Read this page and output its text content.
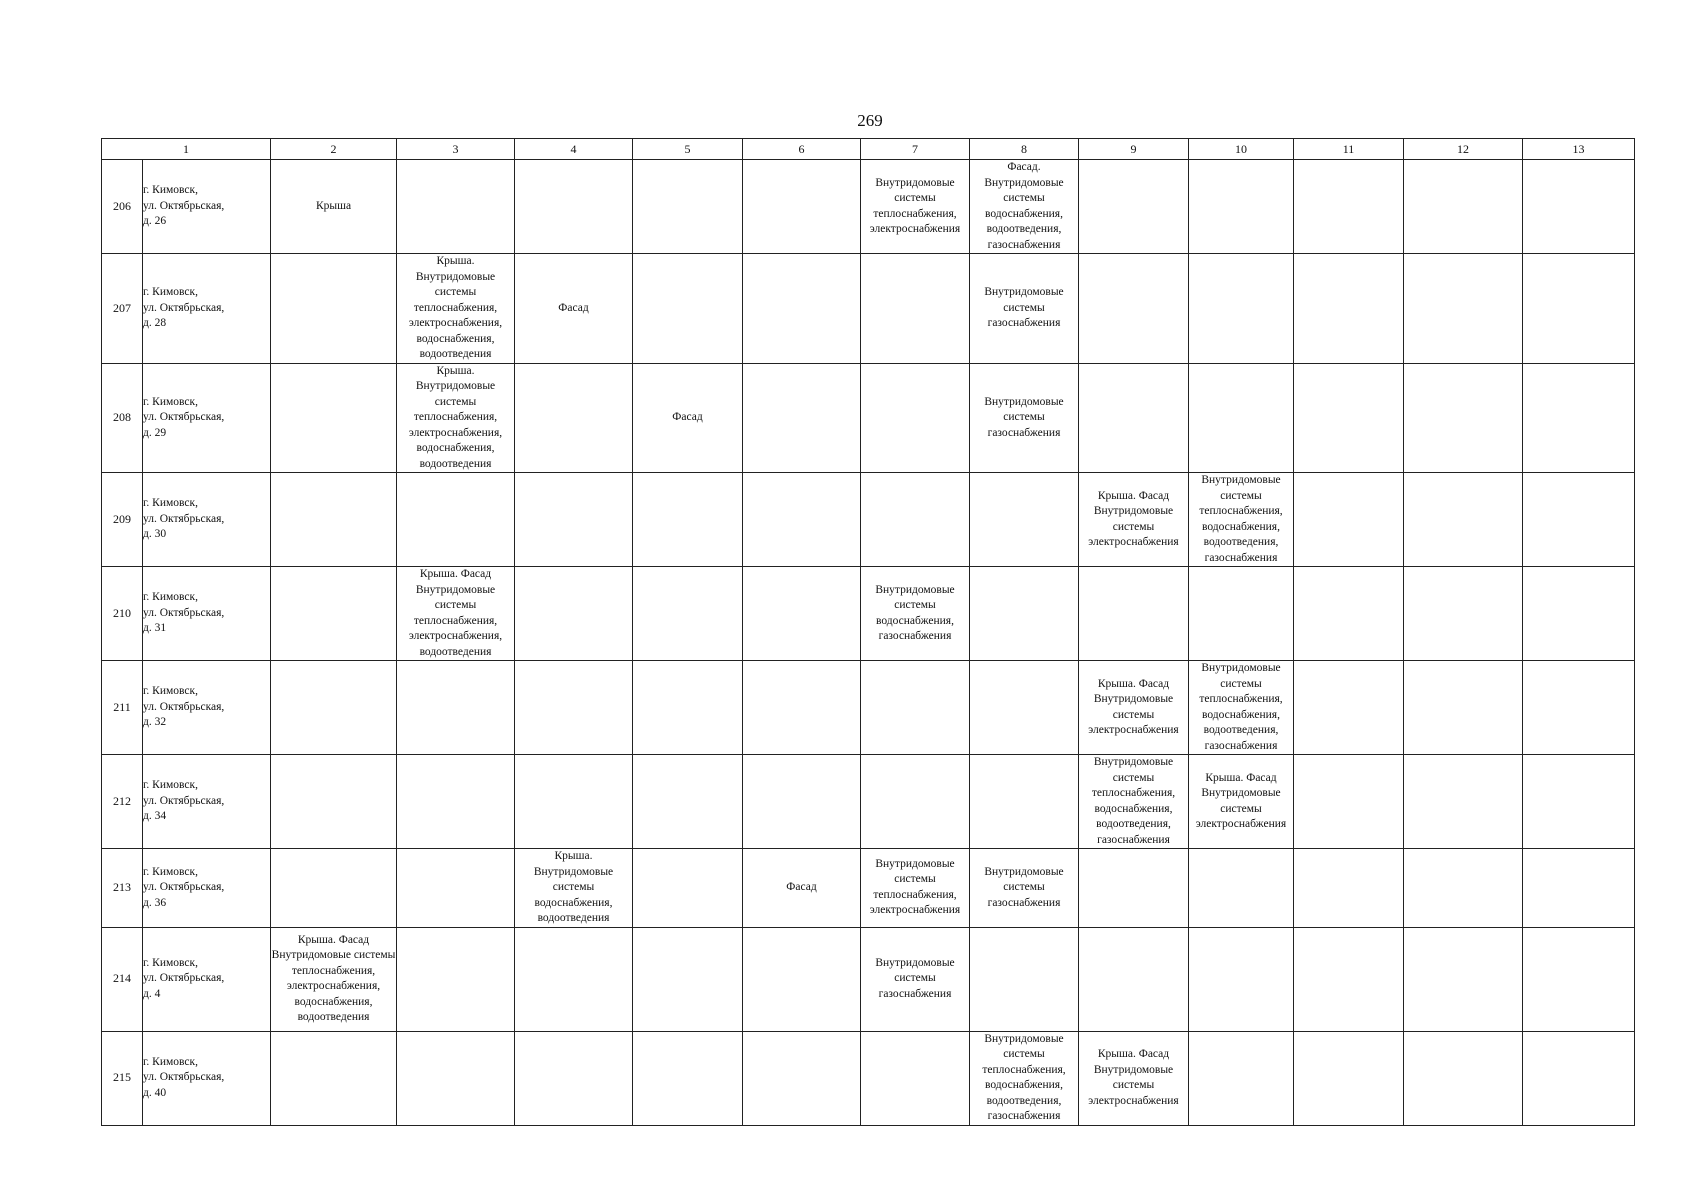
269
1		2	3	4	5	6	7	8	9	10	11	12	13
206	г. Кимовск,
ул. Октябрьская,
д. 26	Крыша					Внутридомовые системы теплоснабжения, электроснабжения	Фасад. Внутридомовые системы водоснабжения, водоотведения, газоснабжения					

207	г. Кимовск,
ул. Октябрьская,
д. 28		Крыша. Внутридомовые системы теплоснабжения, электроснабжения, водоснабжения, водоотведения	Фасад				Внутридомовые системы газоснабжения					

208	г. Кимовск,
ул. Октябрьская,
д. 29		Крыша. Внутридомовые системы теплоснабжения, электроснабжения, водоснабжения, водоотведения		Фасад			Внутридомовые системы газоснабжения					

209	г. Кимовск,
ул. Октябрьская,
д. 30								Крыша. Фасад Внутридомовые системы электроснабжения	Внутридомовые системы теплоснабжения, водоснабжения, водоотведения, газоснабжения			

210	г. Кимовск,
ул. Октябрьская,
д. 31		Крыша. Фасад Внутридомовые системы теплоснабжения, электроснабжения, водоотведения				Внутридомовые системы водоснабжения, газоснабжения						

211	г. Кимовск,
ул. Октябрьская,
д. 32								Крыша. Фасад Внутридомовые системы электроснабжения	Внутридомовые системы теплоснабжения, водоснабжения, водоотведения, газоснабжения			

212	г. Кимовск,
ул. Октябрьская,
д. 34								Внутридомовые системы теплоснабжения, водоснабжения, водоотведения, газоснабжения	Крыша. Фасад Внутридомовые системы электроснабжения			

213	г. Кимовск,
ул. Октябрьская,
д. 36			Крыша. Внутридомовые системы водоснабжения, водоотведения		Фасад	Внутридомовые системы теплоснабжения, электроснабжения	Внутридомовые системы газоснабжения					

214	г. Кимовск,
ул. Октябрьская,
д. 4	Крыша. Фасад Внутридомовые системы теплоснабжения, электроснабжения, водоснабжения, водоотведения					Внутридомовые системы газоснабжения						

215	г. Кимовск,
ул. Октябрьская,
д. 40							Внутридомовые системы теплоснабжения, водоснабжения, водоотведения, газоснабжения	Крыша. Фасад Внутридомовые системы электроснабжения				
